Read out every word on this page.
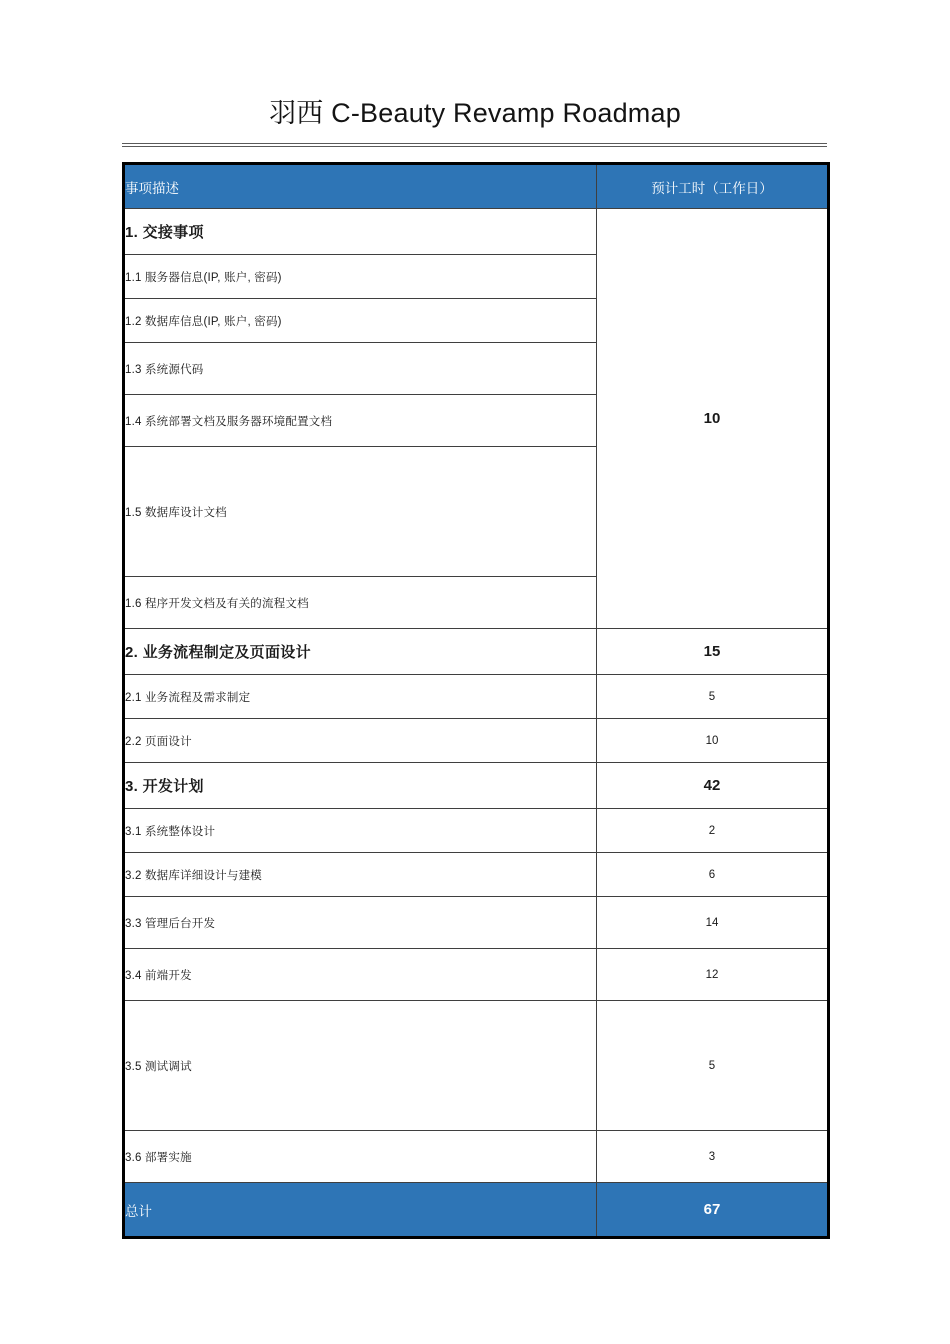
羽西 C-Beauty Revamp Roadmap
事项描述	预计工时（工作日）
1. 交接事项	10
1.1 服务器信息(IP, 账户, 密码)	
1.2 数据库信息(IP, 账户, 密码)	
1.3 系统源代码	
1.4 系统部署文档及服务器环境配置文档	
1.5 数据库设计文档	
1.6 程序开发文档及有关的流程文档	
2. 业务流程制定及页面设计	15
2.1 业务流程及需求制定	5
2.2 页面设计	10
3. 开发计划	42
3.1 系统整体设计	2
3.2 数据库详细设计与建模	6
3.3 管理后台开发	14
3.4 前端开发	12
3.5 测试调试	5
3.6 部署实施	3
总计	67
